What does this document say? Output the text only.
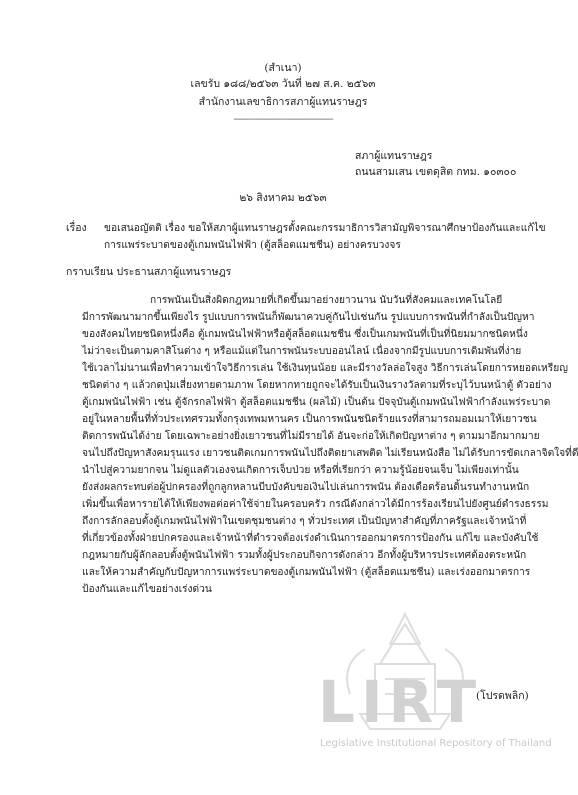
(สำเนา)
เลขรับ ๑๘๘/๒๕๖๓ วันที่ ๒๗ ส.ค. ๒๕๖๓
สำนักงานเลขาธิการสภาผู้แทนราษฎร
---------------------------------------
สภาผู้แทนราษฎร
ถนนสามเสน เขตดุสิต กทม. ๑๐๓๐๐
๒๖ สิงหาคม ๒๕๖๓
เรื่อง ขอเสนอญัตติ เรื่อง ขอให้สภาผู้แทนราษฎรตั้งคณะกรรมาธิการวิสามัญพิจารณาศึกษาป้องกันและแก้ไข
การแพร่ระบาดของตู้เกมพนันไฟฟ้า (ตู้สล็อตแมชชีน) อย่างครบวงจร
กราบเรียน ประธานสภาผู้แทนราษฎร
การพนันเป็นสิ่งผิดกฎหมายที่เกิดขึ้นมาอย่างยาวนาน นับวันที่สังคมและเทคโนโลยี
มีการพัฒนามากขึ้นเพียงไร รูปแบบการพนันก็พัฒนาควบคู่กันไปเช่นกัน รูปแบบการพนันที่กำลังเป็นปัญหา
ของสังคมไทยชนิดหนึ่งคือ ตู้เกมพนันไฟฟ้าหรือตู้สล็อตแมชชีน ซึ่งเป็นเกมพนันที่เป็นที่นิยมมากชนิดหนึ่ง
ไม่ว่าจะเป็นตามคาสิโนต่าง ๆ หรือแม้แต่ในการพนันระบบออนไลน์ เนื่องจากมีรูปแบบการเดิมพันที่ง่าย
ใช้เวลาไม่นานเพื่อทำความเข้าใจวิธีการเล่น ใช้เงินทุนน้อย และมีรางวัลล่อใจสูง วิธีการเล่นโดยการหยอดเหรียญ
ชนิดต่าง ๆ แล้วกดปุ่มเสี่ยงทายตามภาพ โดยหากทายถูกจะได้รับเป็นเงินรางวัลตามที่ระบุไว้บนหน้าตู้ ตัวอย่าง
ตู้เกมพนันไฟฟ้า เช่น ตู้จักรกลไฟฟ้า ตู้สล็อตแมชชีน (ผลไม้) เป็นต้น ปัจจุบันตู้เกมพนันไฟฟ้ากำลังแพร่ระบาด
อยู่ในหลายพื้นที่ทั่วประเทศรวมทั้งกรุงเทพมหานคร เป็นการพนันชนิดร้ายแรงที่สามารถมอมเมาให้เยาวชน
ติดการพนันได้ง่าย โดยเฉพาะอย่างยิ่งเยาวชนที่ไม่มีรายได้ อันจะก่อให้เกิดปัญหาต่าง ๆ ตามมาอีกมากมาย
จนไปถึงปัญหาสังคมรุนแรง เยาวชนติดเกมการพนันไปถึงติดยาเสพติด ไม่เรียนหนังสือ ไม่ได้รับการขัดเกลาจิตใจที่ดี
นำไปสู่ความยากจน ไม่ดูแลตัวเองจนเกิดการเจ็บป่วย หรือที่เรียกว่า ความรู้น้อยจนเจ็บ ไม่เพียงเท่านั้น
ยังส่งผลกระทบต่อผู้ปกครองที่ถูกลูกหลานบีบบังคับขอเงินไปเล่นการพนัน ต้องเดือดร้อนดิ้นรนทำงานหนัก
เพิ่มขึ้นเพื่อหารายได้ให้เพียงพอต่อค่าใช้จ่ายในครอบครัว กรณีดังกล่าวได้มีการร้องเรียนไปยังศูนย์ดำรงธรรม
ถึงการลักลอบตั้งตู้เกมพนันไฟฟ้าในเขตชุมชนต่าง ๆ ทั่วประเทศ เป็นปัญหาสำคัญที่ภาครัฐและเจ้าหน้าที่
ที่เกี่ยวข้องทั้งฝ่ายปกครองและเจ้าหน้าที่ตำรวจต้องเร่งดำเนินการออกมาตรการป้องกัน แก้ไข และบังคับใช้
กฎหมายกับผู้ลักลอบตั้งตู้พนันไฟฟ้า รวมทั้งผู้ประกอบกิจการดังกล่าว อีกทั้งผู้บริหารประเทศต้องตระหนัก
และให้ความสำคัญกับปัญหาการแพร่ระบาดของตู้เกมพนันไฟฟ้า (ตู้สล็อตแมชชีน) และเร่งออกมาตรการ
ป้องกันและแก้ไขอย่างเร่งด่วน
LIRT
Legislative Institutional Repository of Thailand
(โปรดพลิก)
